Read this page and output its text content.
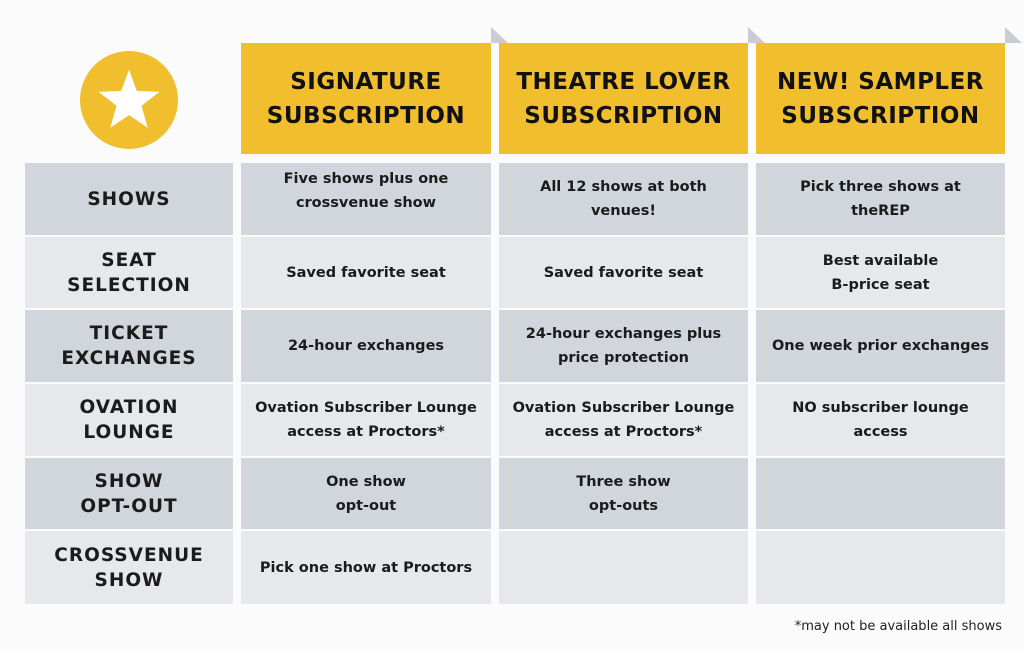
SIGNATURE
SUBSCRIPTION
THEATRE LOVER
SUBSCRIPTION
NEW! SAMPLER
SUBSCRIPTION
SHOWS
Five shows plus one
crossvenue show
All 12 shows at both
venues!
Pick three shows at
theREP
SEAT
SELECTION
Saved favorite seat	Saved favorite seat
Best available
B-price seat
TICKET
EXCHANGES
24-hour exchanges
24-hour exchanges plus
price protection
One week prior exchanges
OVATION
LOUNGE
Ovation Subscriber Lounge
access at Proctors*
Ovation Subscriber Lounge
access at Proctors*
NO subscriber lounge
access
SHOW
OPT-OUT
One show
opt-out
Three show
opt-outs
CROSSVENUE
SHOW
Pick one show at Proctors
*may not be available all shows
